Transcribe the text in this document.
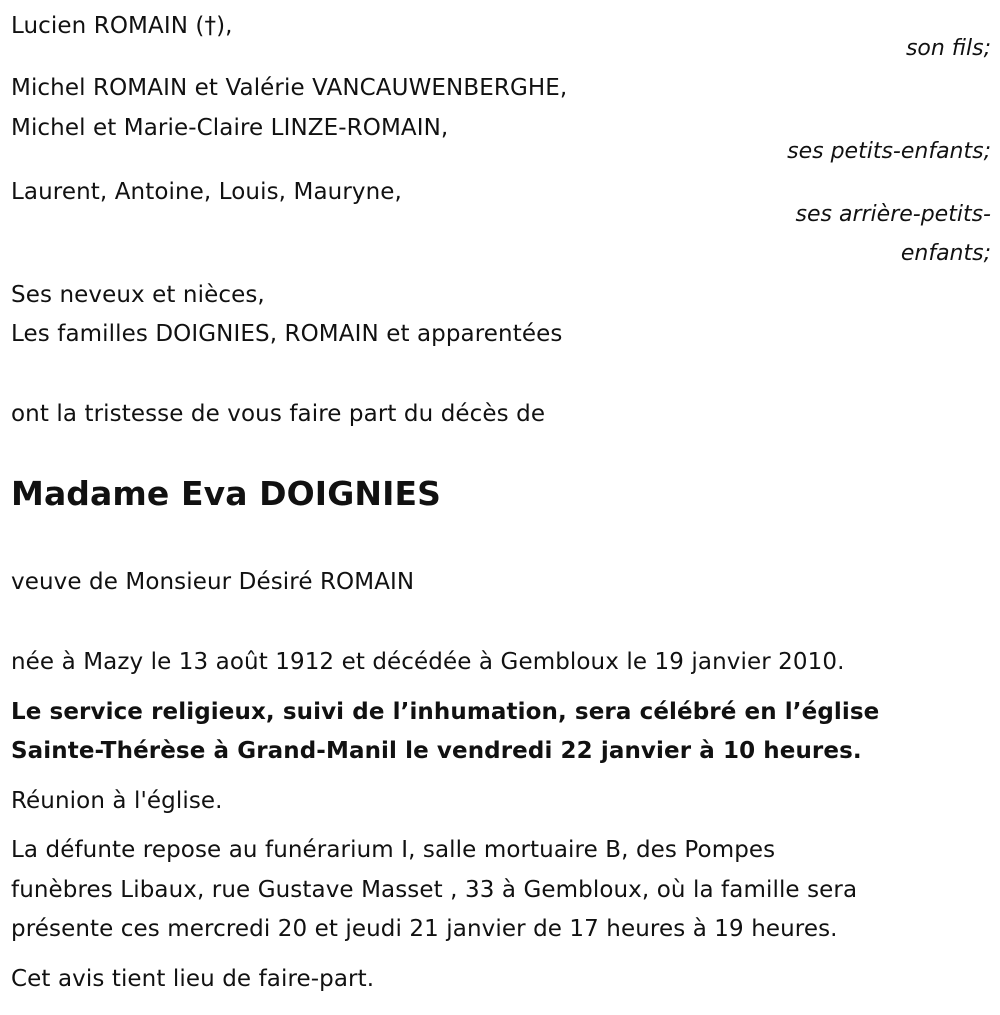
Lucien ROMAIN (†),
son fils;
Michel ROMAIN et Valérie VANCAUWENBERGHE,
Michel et Marie-Claire LINZE-ROMAIN,
ses petits-enfants;
Laurent, Antoine, Louis, Mauryne,
ses arrière-petits-
enfants;
Ses neveux et nièces,
Les familles DOIGNIES, ROMAIN et apparentées
ont la tristesse de vous faire part du décès de
Madame Eva DOIGNIES
veuve de Monsieur Désiré ROMAIN
née à Mazy le 13 août 1912 et décédée à Gembloux le 19 janvier 2010.
Le service religieux, suivi de l’inhumation, sera célébré en l’église
Sainte-Thérèse à Grand-Manil le vendredi 22 janvier à 10 heures.
Réunion à l'église.
La défunte repose au funérarium I, salle mortuaire B, des Pompes
funèbres Libaux, rue Gustave Masset , 33 à Gembloux, où la famille sera
présente ces mercredi 20 et jeudi 21 janvier de 17 heures à 19 heures.
Cet avis tient lieu de faire-part.
